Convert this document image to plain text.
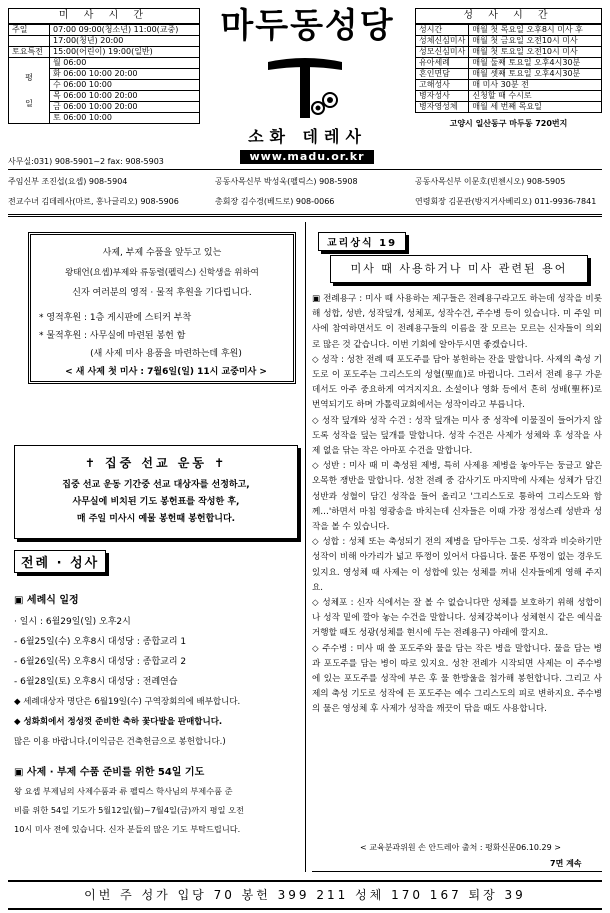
미 사 시 간
주일	07:00 09:00(청소년) 11:00(교중)
	17:00(청년) 20:00
토요특전	15:00(어린이) 19:00(일반)
평
일	월 06:00
	화 06:00 10:00 20:00
	수 06:00 10:00
	목 06:00 10:00 20:00
	금 06:00 10:00 20:00
	토 06:00 10:00
마두동성당
소화 데레사
www.madu.or.kr
성 사 시 간
성시간	매월 첫 목요일 오후8시 미사 후
성체신심미사	매월 첫 금요일 오전10시 미사
성모신심미사	매월 첫 토요일 오전10시 미사
유아세례	매월 둘째 토요일 오후4시30분
혼인면담	매월 셋째 토요일 오후4시30분
고해성사	매 미사 30분 전
병자성사	신청할 때 수시로
병자영성체	매월 세 번째 목요일
고양시 일산동구 마두동 720번지
사무실:031) 908-5901~2 fax: 908-5903
주임신부 조진섭(요셉) 908-5904	공동사목신부 박성욱(펠릭스) 908-5908	공동사목신부 이문호(빈첸시오) 908-5905
전교수녀 김데레사(마르, 홍나글리오) 908-5906	총회장 김수경(베드로) 908-0066	연령회장 김문관(방지거사베리오) 011-9936-7841
사제, 부제 수품을 앞두고 있는
왕태언(요셉)부제와 류동렬(펠릭스) 신학생을 위하여
신자 여러분의 영적 · 물적 후원을 기다립니다.
* 영적후원 : 1층 게시판에 스티커 부착
* 물적후원 : 사무실에 마련된 봉헌 함
(새 사제 미사 용품을 마련하는데 후원)
< 새 사제 첫 미사 : 7월6일(일) 11시 교중미사 >
✝ 집중 선교 운동 ✝
집중 선교 운동 기간중 선교 대상자를 선정하고,
사무실에 비치된 기도 봉헌표를 작성한 후,
매 주일 미사시 예물 봉헌때 봉헌합니다.
전례 · 성사
▣ 세례식 일정
· 일시 : 6월29일(일) 오후2시
- 6월25일(수) 오후8시 대성당 : 종합교리 1
- 6월26일(목) 오후8시 대성당 : 종합교리 2
- 6월28일(토) 오후8시 대성당 : 전례연습
◆ 세례대상자 명단은 6월19일(수) 구역장회의에 배부합니다.
◆ 성화회에서 정성껏 준비한 축하 꽃다발을 판매합니다.
많은 이용 바랍니다.(이익금은 건축헌금으로 봉헌합니다.)
▣ 사제 · 부제 수품 준비를 위한 54일 기도
왕 요셉 부제님의 사제수품과 류 펠릭스 학사님의 부제수품 준
비를 위한 54일 기도가 5월12일(월)~7월4일(금)까지 평일 오전
10시 미사 전에 있습니다. 신자 분들의 많은 기도 부탁드립니다.
교리상식 19
미사 때 사용하거나 미사 관련된 용어
▣ 전례용구 : 미사 때 사용하는 제구들은 전례용구라고도 하는데 성작을 비롯해 성합, 성반, 성작덮개, 성체포, 성작수건, 주수병 등이 있습니다. 미 주일 미사에 참여하면서도 이 전례용구들의 이름을 잘 모르는 모르는 신자들이 의외로 많은 것 같습니다. 이번 기회에 알아두시면 좋겠습니다.
◇ 성작 : 성찬 전례 때 포도주를 담아 봉헌하는 잔을 말합니다. 사제의 축성 기도로 이 포도주는 그리스도의 성혈(聖血)로 바뀝니다. 그러서 전례 용구 가운데서도 아주 중요하게 여겨지지요. 소설이나 영화 등에서 흔히 성배(聖杯)로 번역되기도 하며 가톨릭교회에서는 성작이라고 부릅니다.
◇ 성작 덮개와 성작 수건 : 성작 덮개는 미사 중 성작에 이물질이 들어가지 않도록 성작을 덮는 덮개를 말합니다. 성작 수건은 사제가 성체와 후 성작을 사제 없을 닦는 작은 아마포 수건을 말합니다.
◇ 성반 : 미사 때 미 축성된 제병, 특히 사제용 제병을 놓아두는 둥글고 얇은 오목한 쟁반을 말합니다. 성찬 전례 중 감사기도 마지막에 사제는 성체가 담긴 성반과 성혈이 담긴 성작을 들어 올리고 '그리스도로 통하여 그리스도와 함께…'하면서 마침 영광송을 바치는데 신자들은 이때 가장 정성스레 성반과 성작을 볼 수 있습니다.
◇ 성합 : 성체 또는 축성되기 전의 제병을 담아두는 그릇. 성작과 비슷하기만 성작이 비해 아가리가 넓고 뚜껑이 있어서 다릅니다. 물론 뚜껑이 없는 경우도 있지요. 영성체 때 사제는 이 성합에 있는 성체를 꺼내 신자들에게 영해 주지요.
◇ 성체포 : 신자 식에서는 잘 볼 수 없습니다만 성체를 보호하기 위해 성합이나 성작 밑에 깔아 놓는 수건을 말합니다. 성체강복이나 성체현시 같은 예식을 거행할 때도 성광(성체를 현시에 두는 전례용구) 아래에 깔지요.
◇ 주수병 : 미사 때 쓸 포도주와 물을 담는 작은 병을 말합니다. 물을 담는 병과 포도주를 담는 병이 따로 있지요. 성찬 전례가 시작되면 사제는 이 주수병에 있는 포도주를 성작에 부은 후 물 한방울을 첨가해 봉헌합니다. 그리고 사제의 축성 기도로 성작에 든 포도주는 예수 그리스도의 피로 변하지요. 주수병의 물은 영성체 후 사제가 성작을 깨끗이 닦을 때도 사용합니다.
< 교육분과위원 손 안드레아 출처 : 평화신문06.10.29 >
7면 계속
이번 주 성가 입당 70 봉헌 399 211 성체 170 167 퇴장 39
